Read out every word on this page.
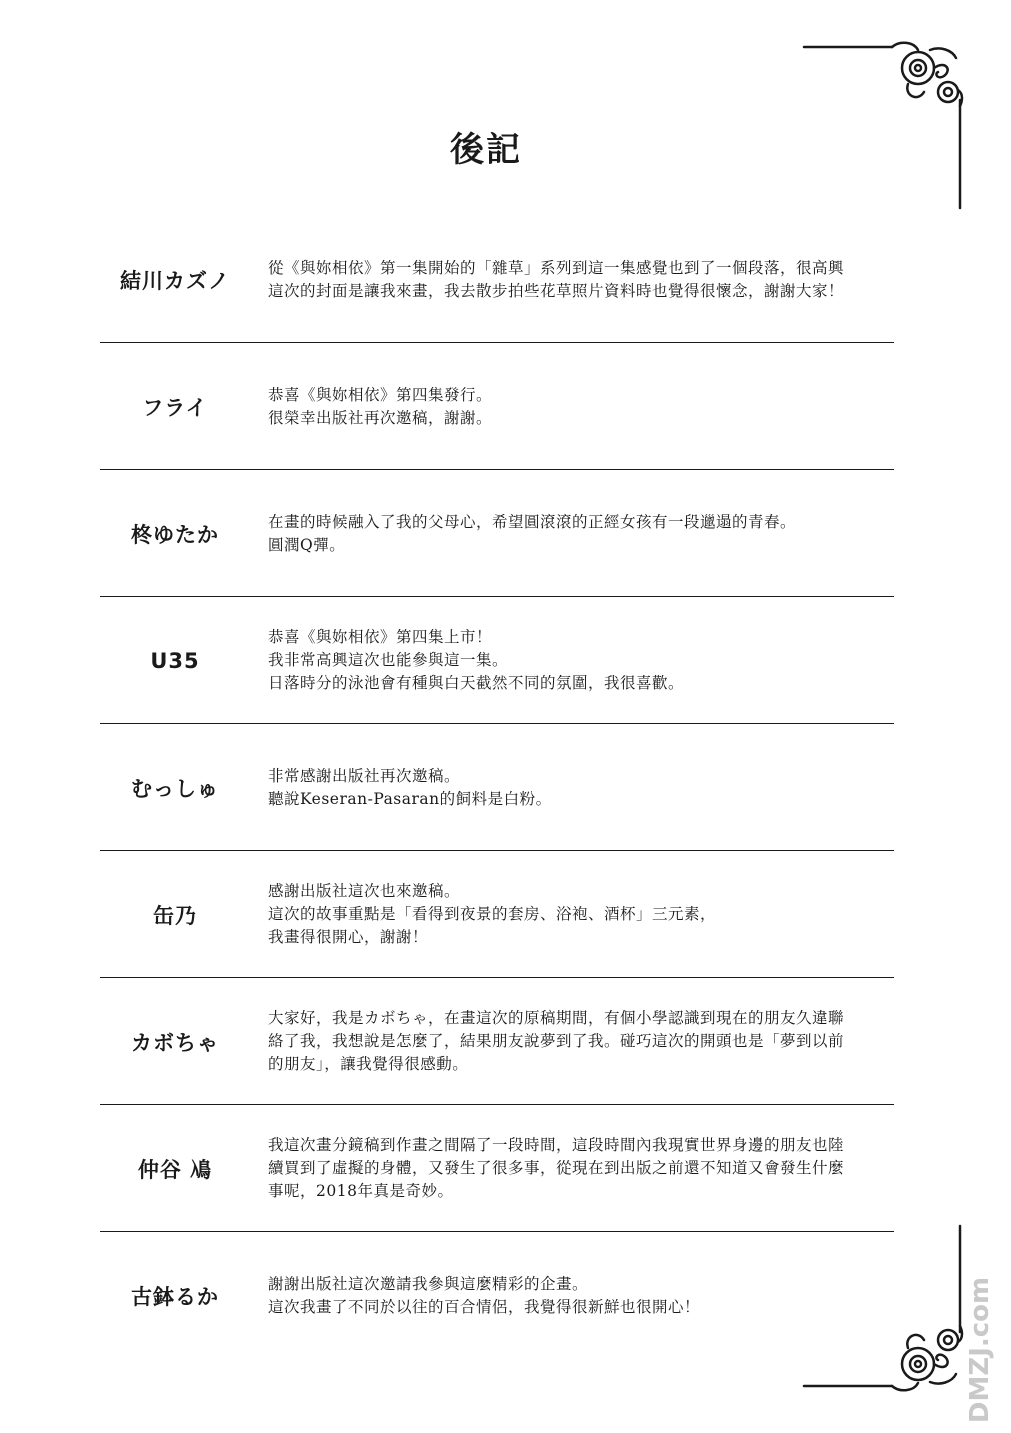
後記
結川カズノ
從《與妳相依》第一集開始的「雜草」系列到這一集感覺也到了一個段落，很高興
這次的封面是讓我來畫，我去散步拍些花草照片資料時也覺得很懷念，謝謝大家！
フライ
恭喜《與妳相依》第四集發行。
很榮幸出版社再次邀稿，謝謝。
柊ゆたか
在畫的時候融入了我的父母心，希望圓滾滾的正經女孩有一段邋遢的青春。
圓潤Q彈。
U35
恭喜《與妳相依》第四集上市！
我非常高興這次也能參與這一集。
日落時分的泳池會有種與白天截然不同的氛圍，我很喜歡。
むっしゅ
非常感謝出版社再次邀稿。
聽說Keseran-Pasaran的飼料是白粉。
缶乃
感謝出版社這次也來邀稿。
這次的故事重點是「看得到夜景的套房、浴袍、酒杯」三元素，
我畫得很開心，謝謝！
カボちゃ
大家好，我是カボちゃ，在畫這次的原稿期間，有個小學認識到現在的朋友久違聯
絡了我，我想說是怎麼了，結果朋友說夢到了我。碰巧這次的開頭也是「夢到以前
的朋友」，讓我覺得很感動。
仲谷 鳰
我這次畫分鏡稿到作畫之間隔了一段時間，這段時間內我現實世界身邊的朋友也陸
續買到了虛擬的身體，又發生了很多事，從現在到出版之前還不知道又會發生什麼
事呢，2018年真是奇妙。
古鉢るか
謝謝出版社這次邀請我參與這麼精彩的企畫。
這次我畫了不同於以往的百合情侶，我覺得很新鮮也很開心！	DMZJ.com
